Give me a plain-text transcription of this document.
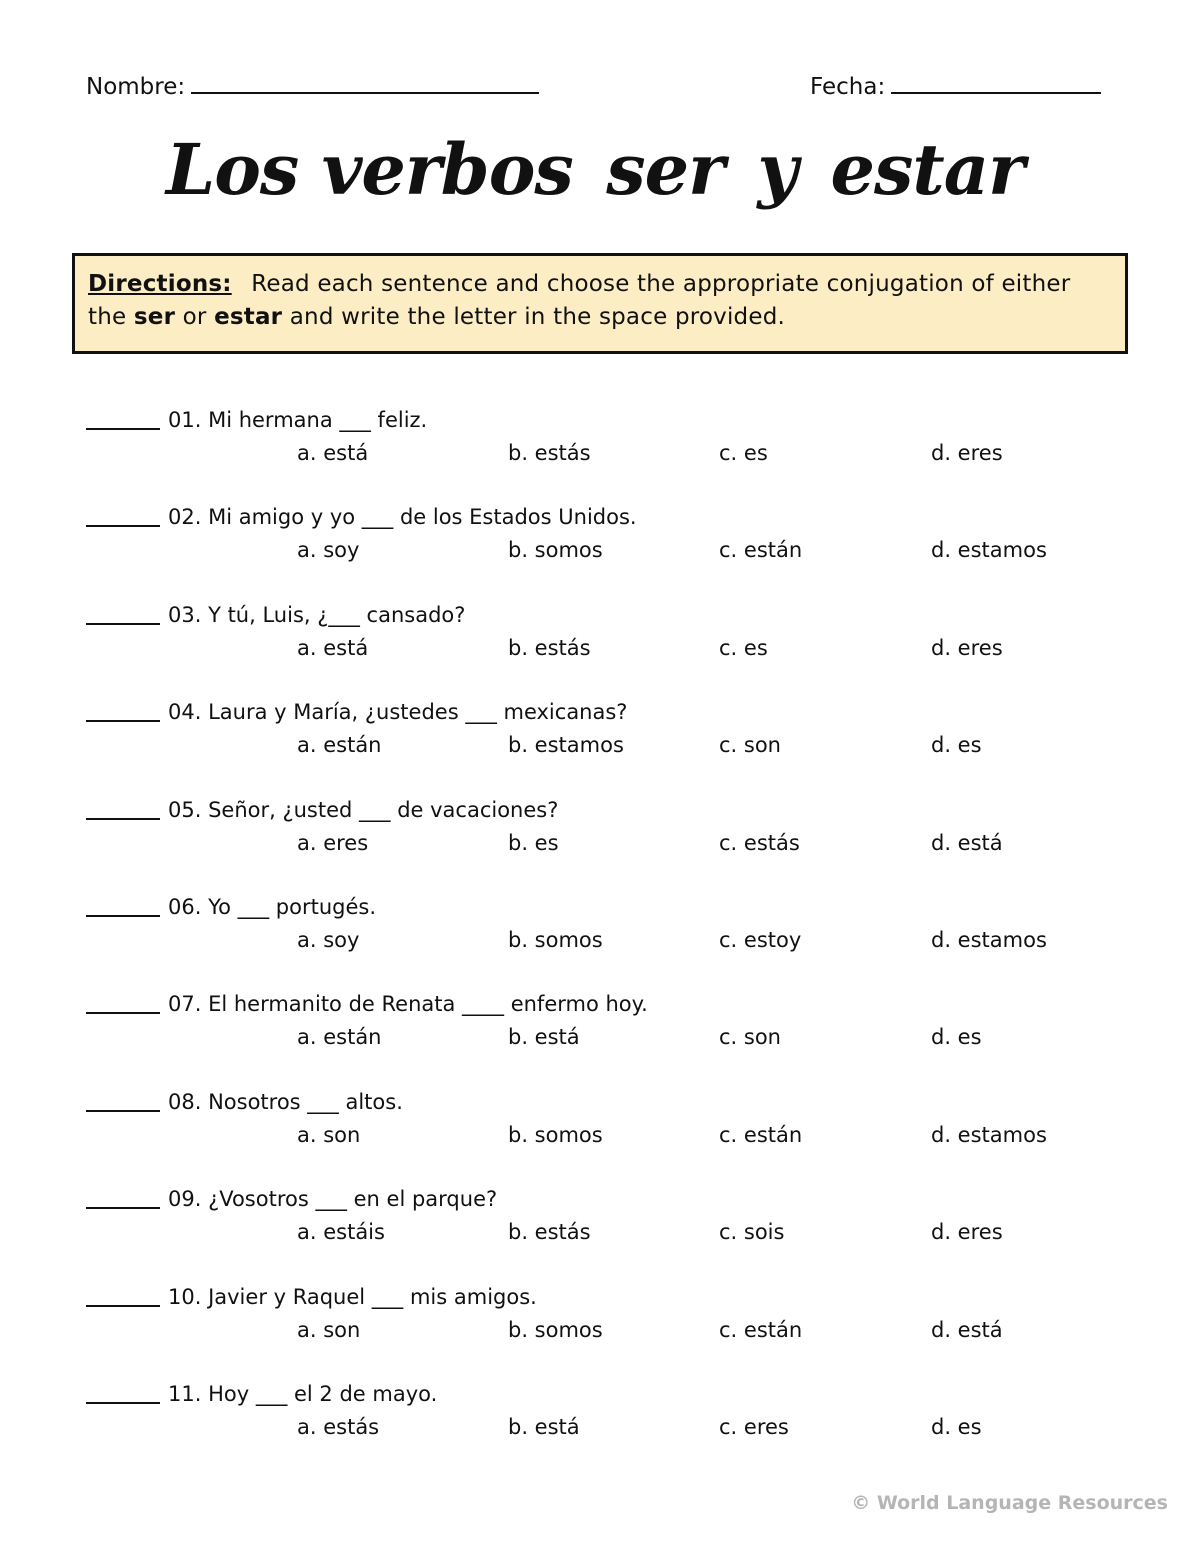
Nombre:	Fecha:
Los verbos ser y estar
Directions: Read each sentence and choose the appropriate conjugation of either the ser or estar and write the letter in the space provided.
01. Mi hermana ___ feliz.
a. está	b. estás	c. es	d. eres
02. Mi amigo y yo ___ de los Estados Unidos.
a. soy	b. somos	c. están	d. estamos
03. Y tú, Luis, ¿___ cansado?
a. está	b. estás	c. es	d. eres
04. Laura y María, ¿ustedes ___ mexicanas?
a. están	b. estamos	c. son	d. es
05. Señor, ¿usted ___ de vacaciones?
a. eres	b. es	c. estás	d. está
06. Yo ___ portugés.
a. soy	b. somos	c. estoy	d. estamos
07. El hermanito de Renata ____ enfermo hoy.
a. están	b. está	c. son	d. es
08. Nosotros ___ altos.
a. son	b. somos	c. están	d. estamos
09. ¿Vosotros ___ en el parque?
a. estáis	b. estás	c. sois	d. eres
10. Javier y Raquel ___ mis amigos.
a. son	b. somos	c. están	d. está
11. Hoy ___ el 2 de mayo.
a. estás	b. está	c. eres	d. es
© World Language Resources
